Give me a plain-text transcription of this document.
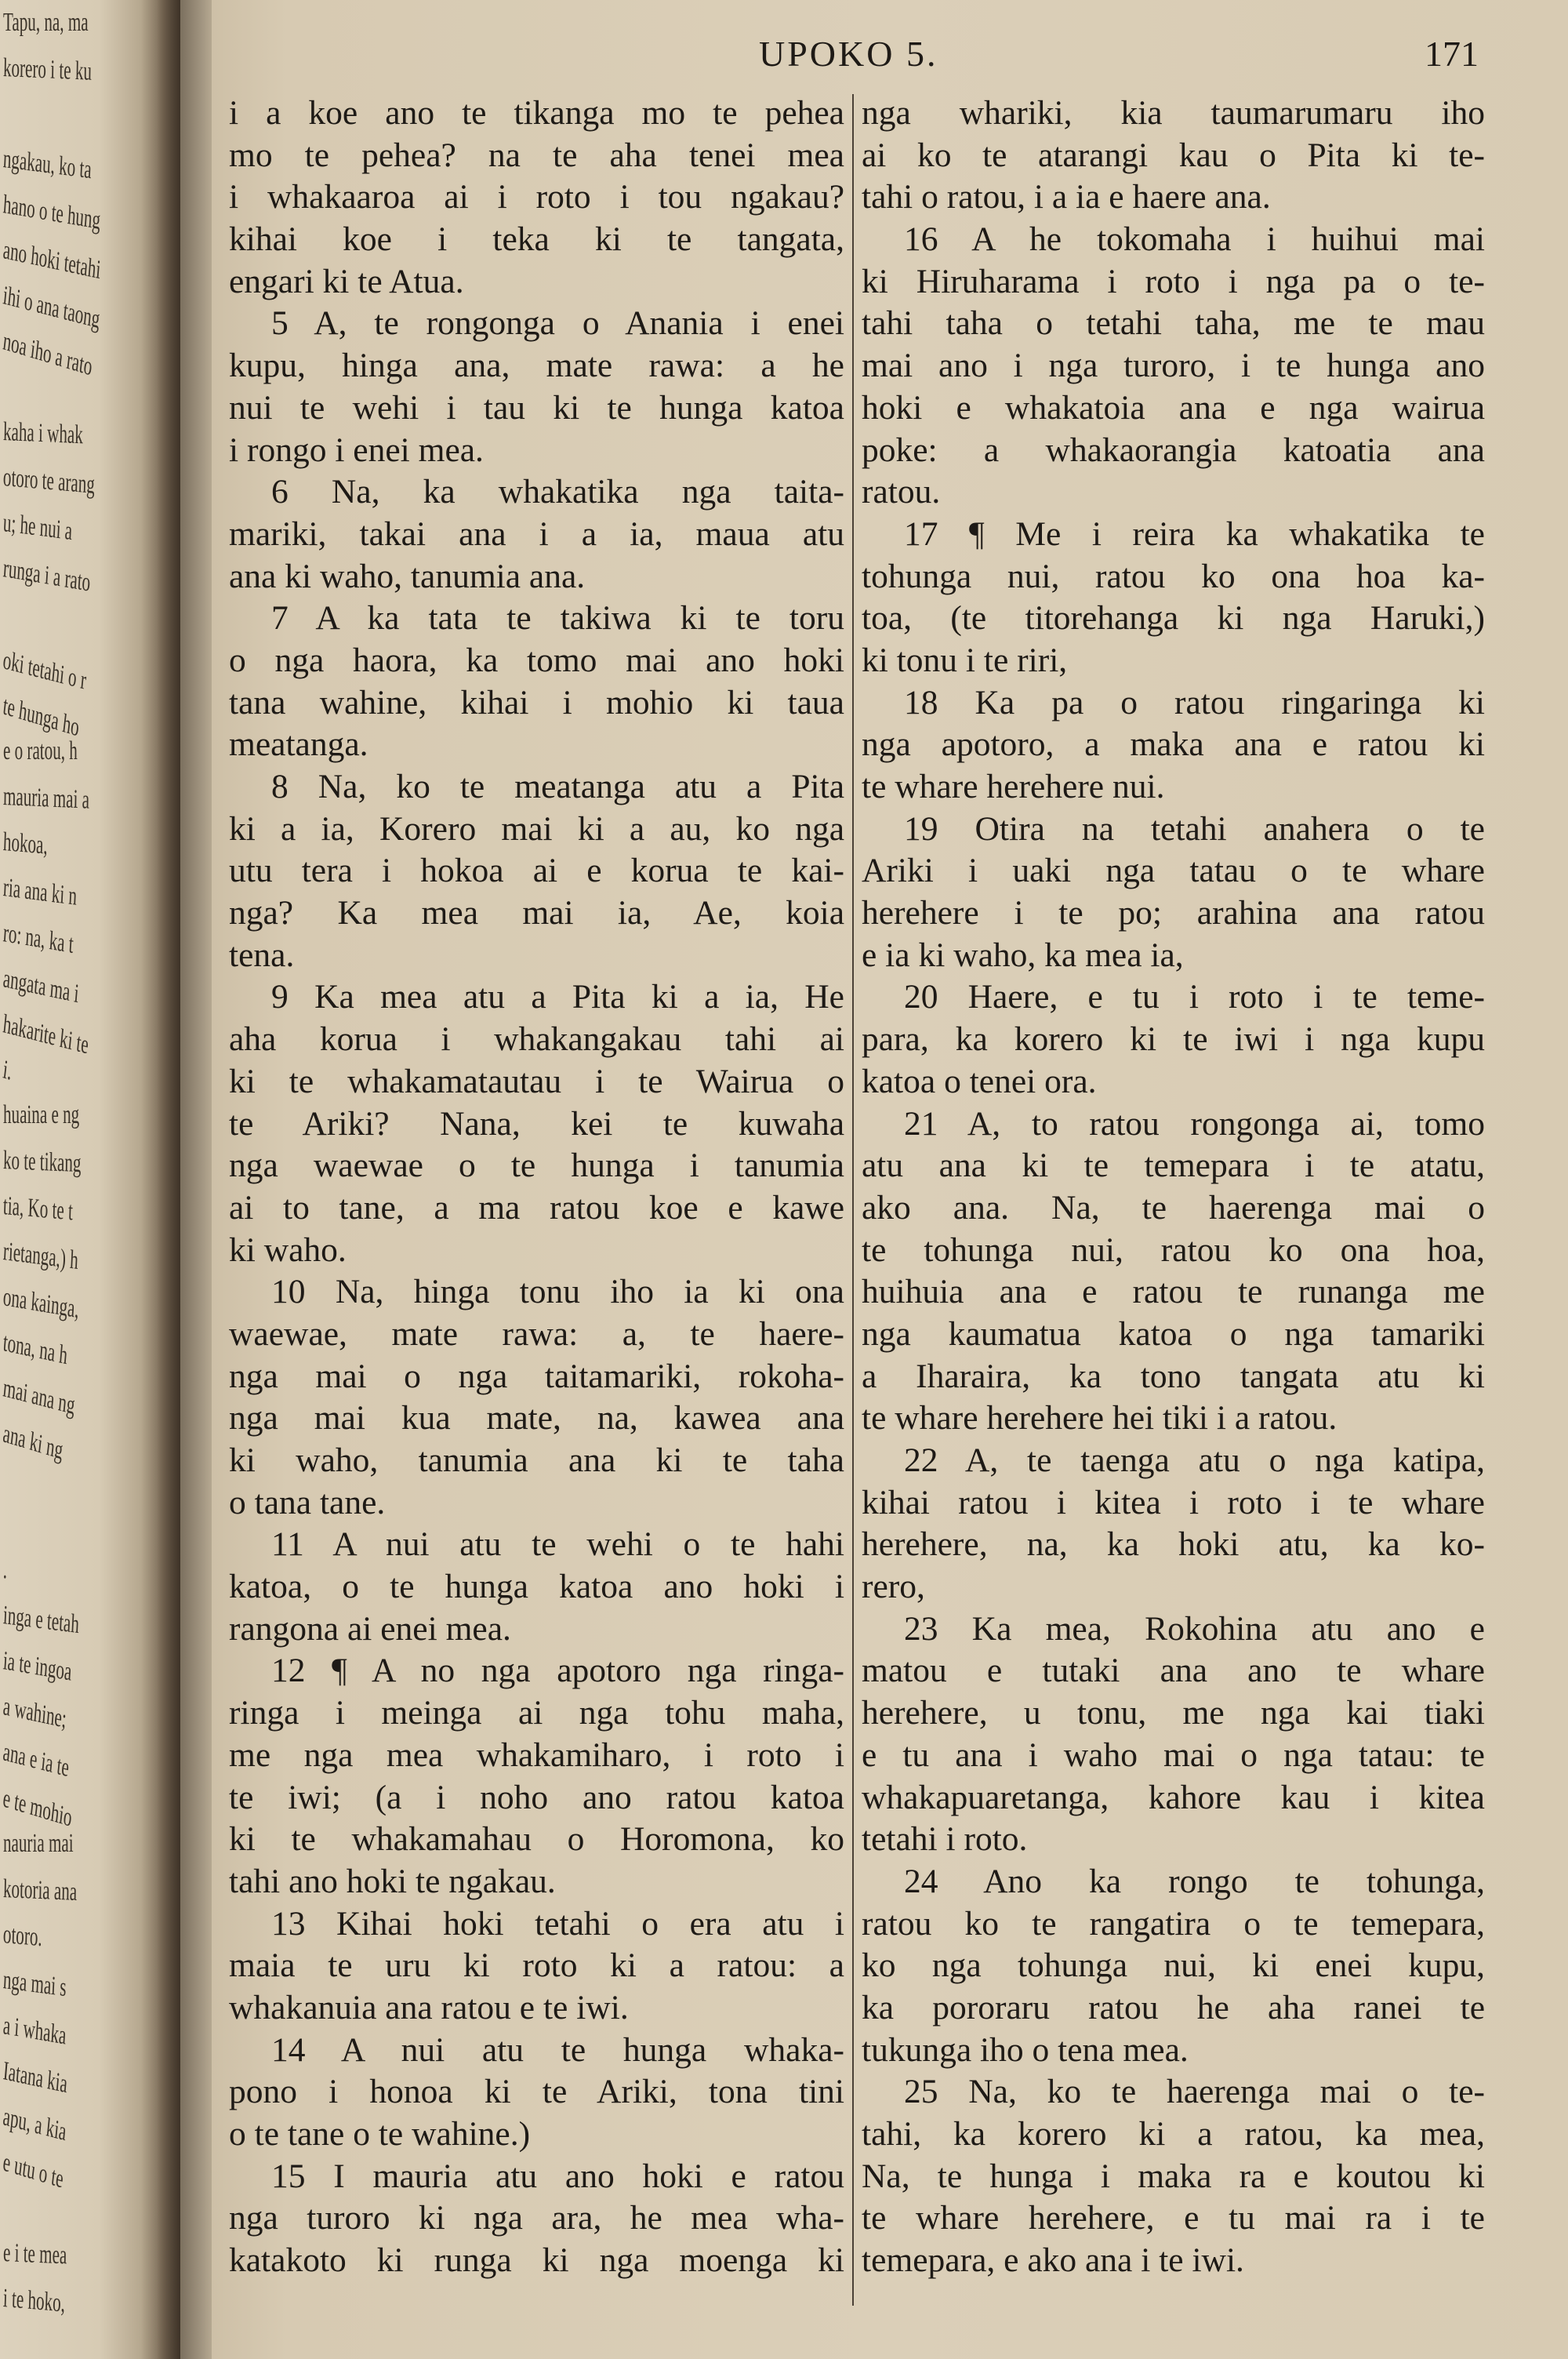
Tapu, na, ma
korero i te ku
ngakau, ko ta
hano o te hung
ano hoki tetahi
ihi o ana taong
noa iho a rato
kaha i whak
otoro te arang
u; he nui a
runga i a rato
oki tetahi o r
te hunga ho
e o ratou, h
mauria mai a
hokoa,
ria ana ki n
ro: na, ka t
angata ma i
hakarite ki te
i.
huaina e ng
ko te tikang
tia, Ko te t
rietanga,) h
ona kainga,
tona, na h
mai ana ng
ana ki ng
.
inga e tetah
ia te ingoa
a wahine;
ana e ia te
e te mohio
nauria mai
kotoria ana
otoro.
nga mai s
a i whaka
Iatana kia
apu, a kia
e utu o te
e i te mea
i te hoko,
UPOKO 5.	171
i a koe ano te tikanga mo te pehea
mo te pehea? na te aha tenei mea
i whakaaroa ai i roto i tou ngakau?
kihai koe i teka ki te tangata,
engari ki te Atua.
5 A, te rongonga o Anania i enei
kupu, hinga ana, mate rawa: a he
nui te wehi i tau ki te hunga katoa
i rongo i enei mea.
6 Na, ka whakatika nga taita-
mariki, takai ana i a ia, maua atu
ana ki waho, tanumia ana.
7 A ka tata te takiwa ki te toru
o nga haora, ka tomo mai ano hoki
tana wahine, kihai i mohio ki taua
meatanga.
8 Na, ko te meatanga atu a Pita
ki a ia, Korero mai ki a au, ko nga
utu tera i hokoa ai e korua te kai-
nga? Ka mea mai ia, Ae, koia
tena.
9 Ka mea atu a Pita ki a ia, He
aha korua i whakangakau tahi ai
ki te whakamatautau i te Wairua o
te Ariki? Nana, kei te kuwaha
nga waewae o te hunga i tanumia
ai to tane, a ma ratou koe e kawe
ki waho.
10 Na, hinga tonu iho ia ki ona
waewae, mate rawa: a, te haere-
nga mai o nga taitamariki, rokoha-
nga mai kua mate, na, kawea ana
ki waho, tanumia ana ki te taha
o tana tane.
11 A nui atu te wehi o te hahi
katoa, o te hunga katoa ano hoki i
rangona ai enei mea.
12 ¶ A no nga apotoro nga ringa-
ringa i meinga ai nga tohu maha,
me nga mea whakamiharo, i roto i
te iwi; (a i noho ano ratou katoa
ki te whakamahau o Horomona, ko
tahi ano hoki te ngakau.
13 Kihai hoki tetahi o era atu i
maia te uru ki roto ki a ratou: a
whakanuia ana ratou e te iwi.
14 A nui atu te hunga whaka-
pono i honoa ki te Ariki, tona tini
o te tane o te wahine.)
15 I mauria atu ano hoki e ratou
nga turoro ki nga ara, he mea wha-
katakoto ki runga ki nga moenga ki
nga whariki, kia taumarumaru iho
ai ko te atarangi kau o Pita ki te-
tahi o ratou, i a ia e haere ana.
16 A he tokomaha i huihui mai
ki Hiruharama i roto i nga pa o te-
tahi taha o tetahi taha, me te mau
mai ano i nga turoro, i te hunga ano
hoki e whakatoia ana e nga wairua
poke: a whakaorangia katoatia ana
ratou.
17 ¶ Me i reira ka whakatika te
tohunga nui, ratou ko ona hoa ka-
toa, (te titorehanga ki nga Haruki,)
ki tonu i te riri,
18 Ka pa o ratou ringaringa ki
nga apotoro, a maka ana e ratou ki
te whare herehere nui.
19 Otira na tetahi anahera o te
Ariki i uaki nga tatau o te whare
herehere i te po; arahina ana ratou
e ia ki waho, ka mea ia,
20 Haere, e tu i roto i te teme-
para, ka korero ki te iwi i nga kupu
katoa o tenei ora.
21 A, to ratou rongonga ai, tomo
atu ana ki te temepara i te atatu,
ako ana. Na, te haerenga mai o
te tohunga nui, ratou ko ona hoa,
huihuia ana e ratou te runanga me
nga kaumatua katoa o nga tamariki
a Iharaira, ka tono tangata atu ki
te whare herehere hei tiki i a ratou.
22 A, te taenga atu o nga katipa,
kihai ratou i kitea i roto i te whare
herehere, na, ka hoki atu, ka ko-
rero,
23 Ka mea, Rokohina atu ano e
matou e tutaki ana ano te whare
herehere, u tonu, me nga kai tiaki
e tu ana i waho mai o nga tatau: te
whakapuaretanga, kahore kau i kitea
tetahi i roto.
24 Ano ka rongo te tohunga,
ratou ko te rangatira o te temepara,
ko nga tohunga nui, ki enei kupu,
ka pororaru ratou he aha ranei te
tukunga iho o tena mea.
25 Na, ko te haerenga mai o te-
tahi, ka korero ki a ratou, ka mea,
Na, te hunga i maka ra e koutou ki
te whare herehere, e tu mai ra i te
temepara, e ako ana i te iwi.
